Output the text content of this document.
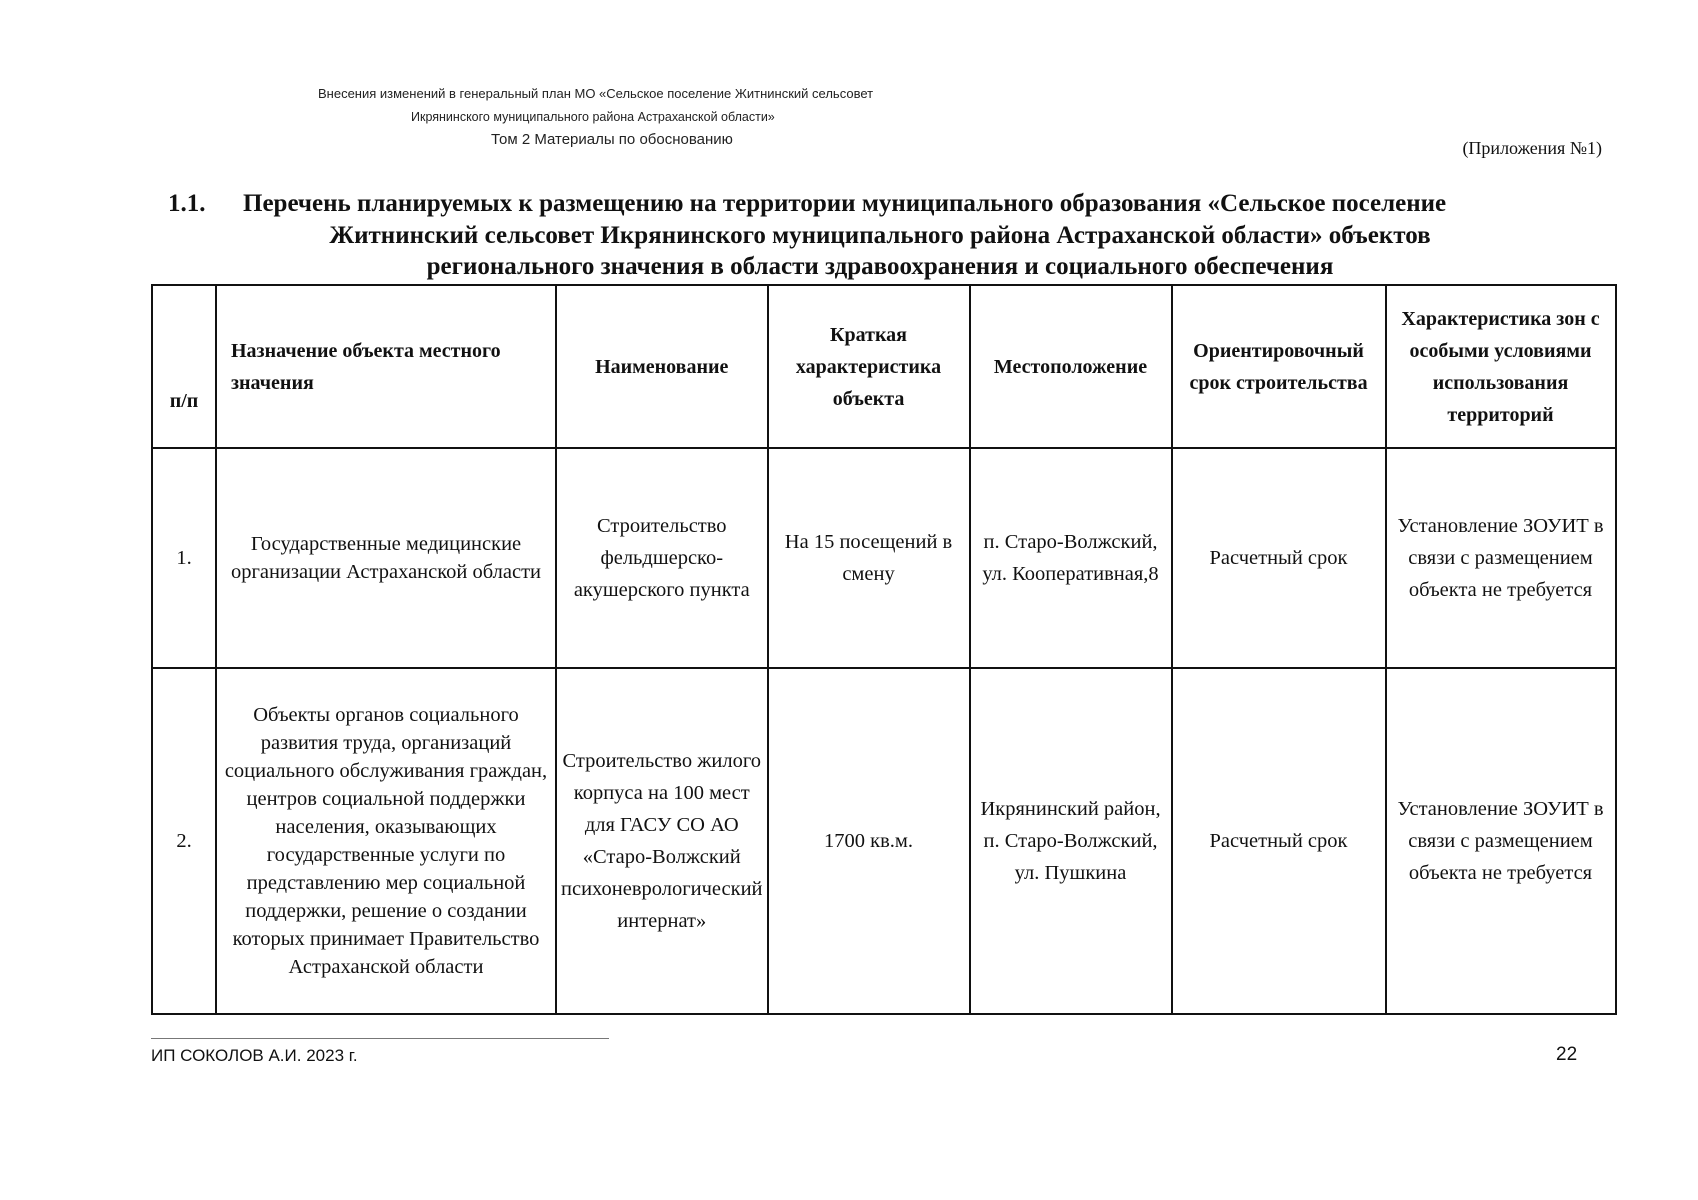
Внесения изменений в генеральный план МО «Сельское поселение Житнинский сельсовет
Икрянинского муниципального района Астраханской области»
Том 2 Материалы по обоснованию	(Приложения №1)
1.1. Перечень планируемых к размещению на территории муниципального образования «Сельское поселение
Житнинский сельсовет Икрянинского муниципального района Астраханской области» объектов
регионального значения в области здравоохранения и социального обеспечения
п/п	Назначение объекта местного значения	Наименование	Краткая характеристика объекта	Местоположение	Ориентировочный срок строительства	Характеристика зон с особыми условиями использования территорий
1.	Государственные медицинские организации Астраханской области	Строительство фельдшерско-акушерского пункта	На 15 посещений в смену	п. Старо-Волжский, ул. Кооперативная,8	Расчетный срок	Установление ЗОУИТ в связи с размещением объекта не требуется
2.	Объекты органов социального развития труда, организаций социального обслуживания граждан, центров социальной поддержки населения, оказывающих государственные услуги по представлению мер социальной поддержки, решение о создании которых принимает Правительство Астраханской области	Строительство жилого корпуса на 100 мест для ГАСУ СО АО «Старо-Волжский психоневрологический интернат»	1700 кв.м.	Икрянинский район, п. Старо-Волжский, ул. Пушкина	Расчетный срок	Установление ЗОУИТ в связи с размещением объекта не требуется
ИП СОКОЛОВ А.И. 2023 г.	22
